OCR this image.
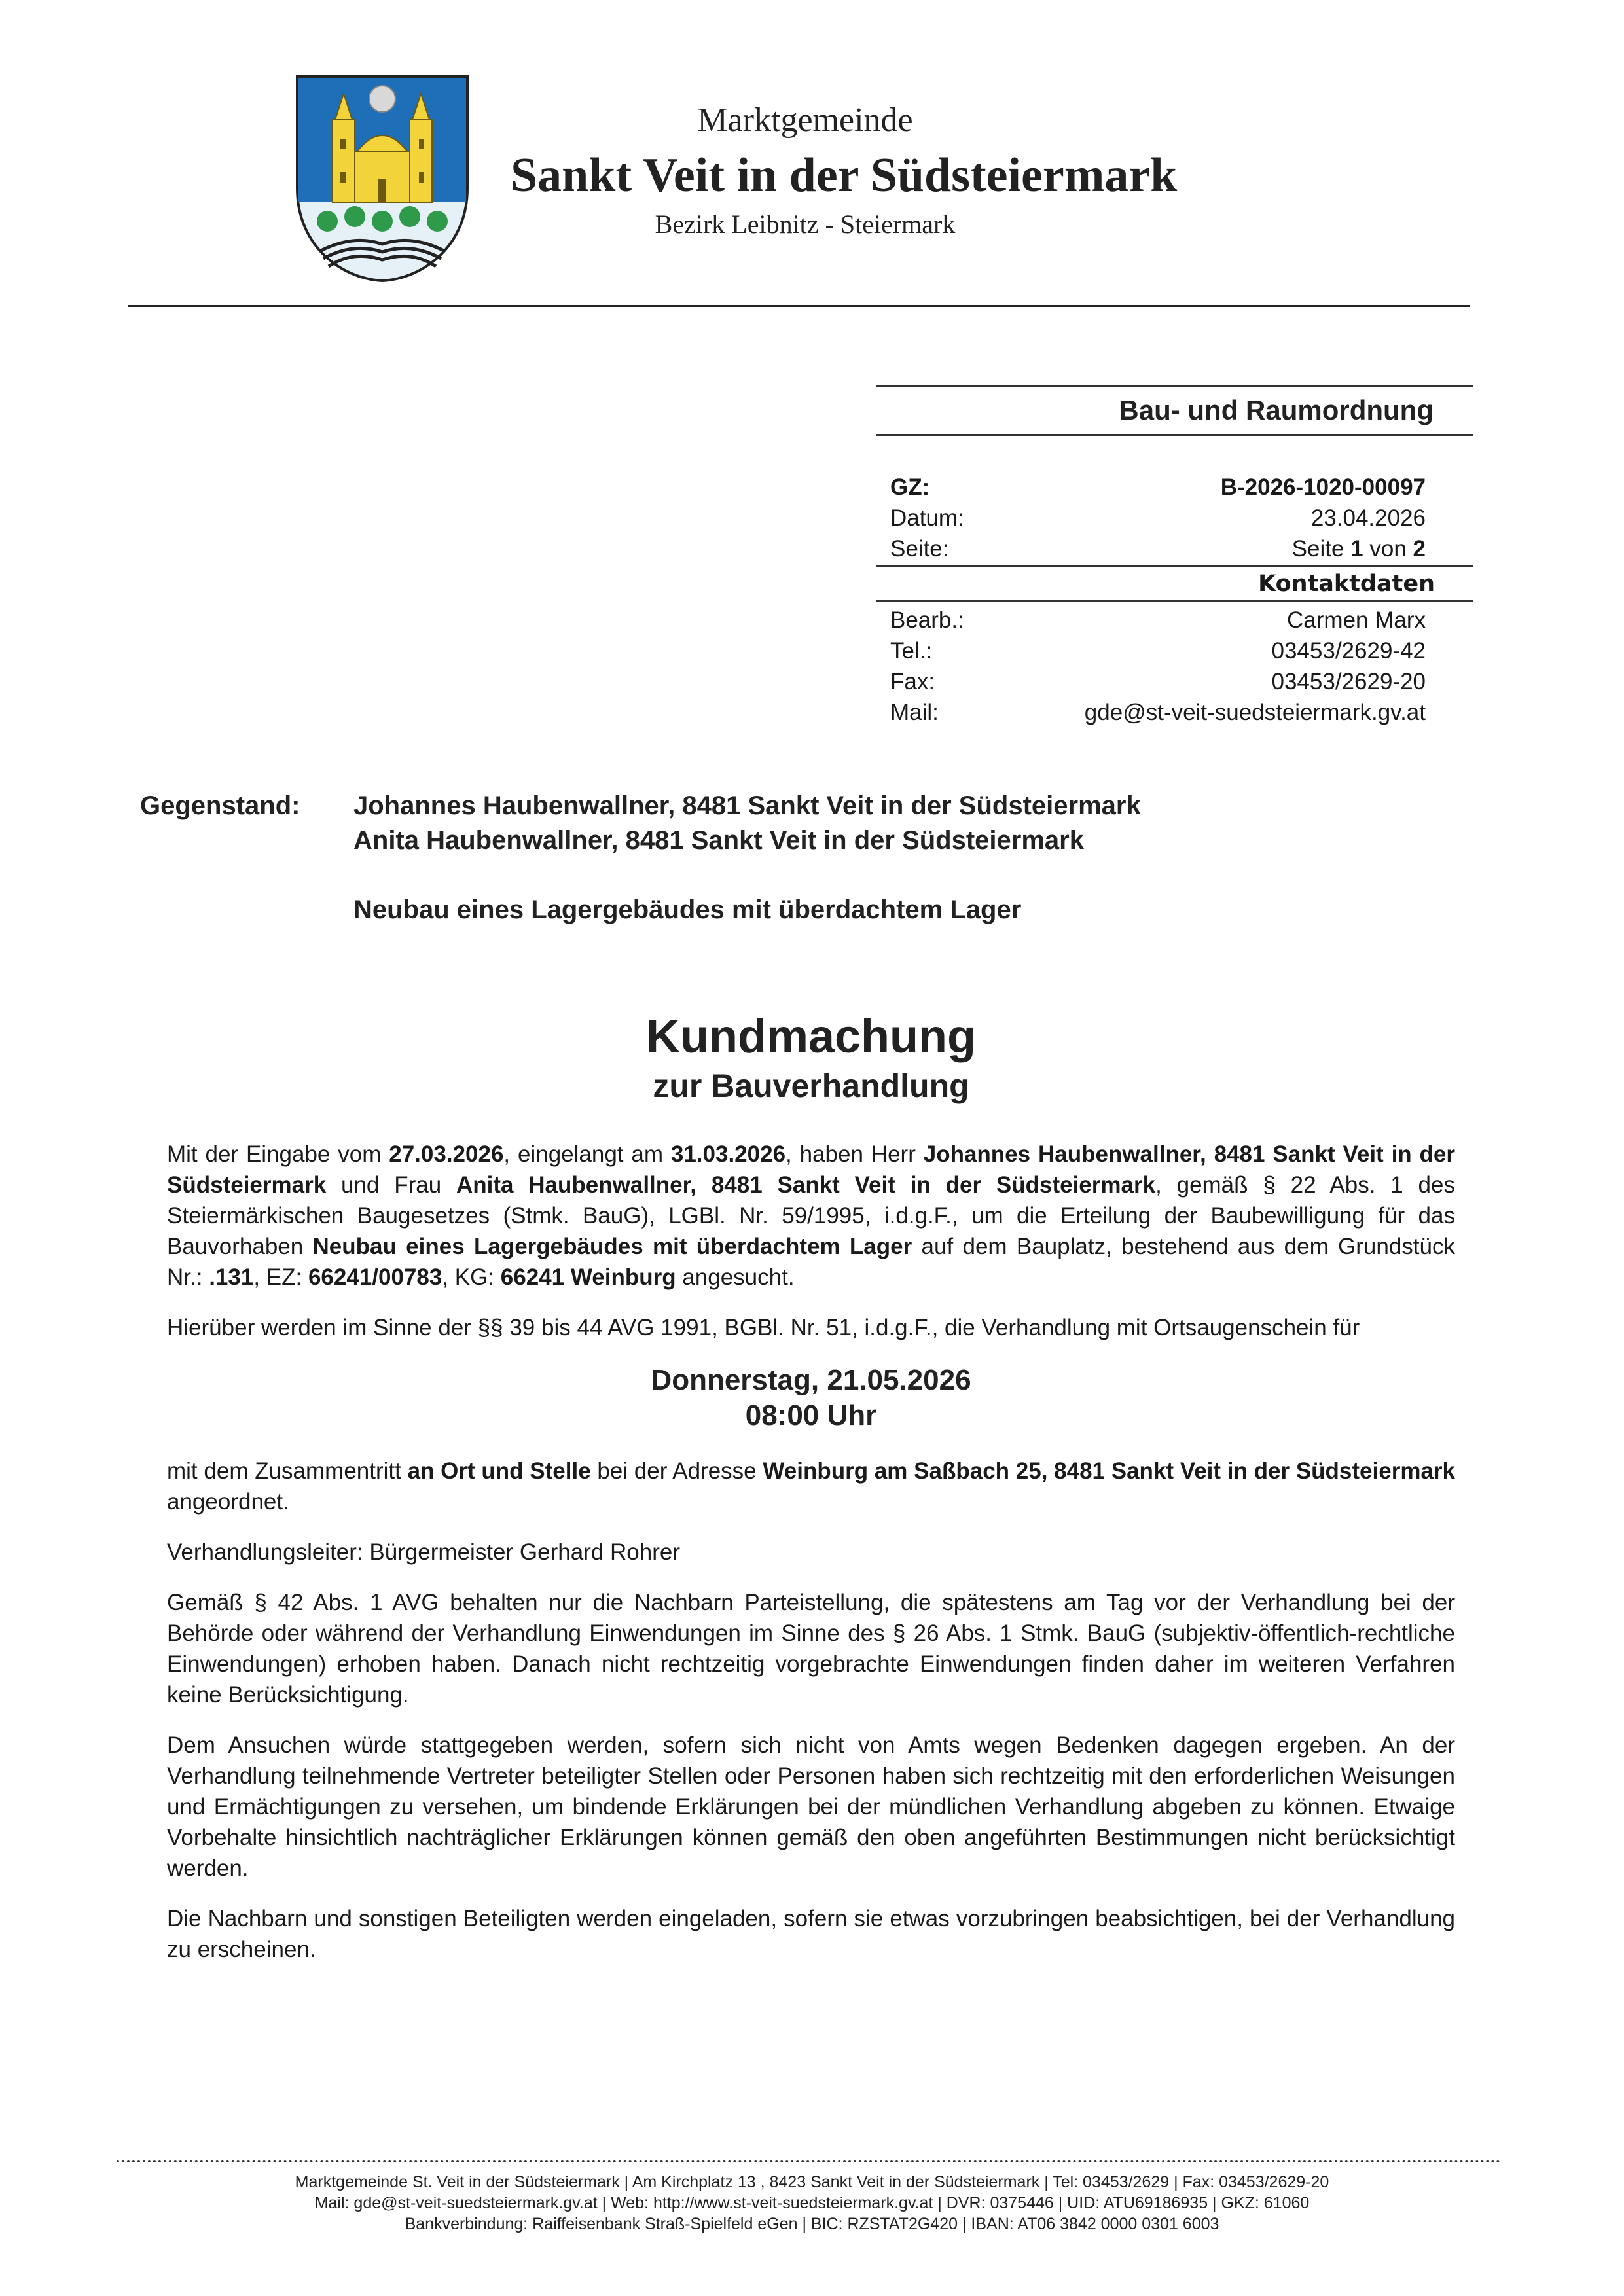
Marktgemeinde
Sankt Veit in der Südsteiermark
Bezirk Leibnitz - Steiermark
Bau- und Raumordnung
GZ:	B-2026-1020-00097
Datum:	23.04.2026
Seite:	Seite 1 von 2
Kontaktdaten
Bearb.:	Carmen Marx
Tel.:	03453/2629-42
Fax:	03453/2629-20
Mail:	gde@st-veit-suedsteiermark.gv.at
Gegenstand: Johannes Haubenwallner, 8481 Sankt Veit in der Südsteiermark
Anita Haubenwallner, 8481 Sankt Veit in der Südsteiermark
Neubau eines Lagergebäudes mit überdachtem Lager
Kundmachung
zur Bauverhandlung
Mit der Eingabe vom 27.03.2026, eingelangt am 31.03.2026, haben Herr Johannes Haubenwallner, 8481 Sankt Veit in der Südsteiermark und Frau Anita Haubenwallner, 8481 Sankt Veit in der Südsteiermark, gemäß § 22 Abs. 1 des Steiermärkischen Baugesetzes (Stmk. BauG), LGBl. Nr. 59/1995, i.d.g.F., um die Erteilung der Baubewilligung für das Bauvorhaben Neubau eines Lagergebäudes mit überdachtem Lager auf dem Bauplatz, bestehend aus dem Grundstück Nr.: .131, EZ: 66241/00783, KG: 66241 Weinburg angesucht.
Hierüber werden im Sinne der §§ 39 bis 44 AVG 1991, BGBl. Nr. 51, i.d.g.F., die Verhandlung mit Ortsaugenschein für
Donnerstag, 21.05.2026
08:00 Uhr
mit dem Zusammentritt an Ort und Stelle bei der Adresse Weinburg am Saßbach 25, 8481 Sankt Veit in der Südsteiermark angeordnet.
Verhandlungsleiter: Bürgermeister Gerhard Rohrer
Gemäß § 42 Abs. 1 AVG behalten nur die Nachbarn Parteistellung, die spätestens am Tag vor der Verhandlung bei der Behörde oder während der Verhandlung Einwendungen im Sinne des § 26 Abs. 1 Stmk. BauG (subjektiv-öffentlich-rechtliche Einwendungen) erhoben haben. Danach nicht rechtzeitig vorgebrachte Einwendungen finden daher im weiteren Verfahren keine Berücksichtigung.
Dem Ansuchen würde stattgegeben werden, sofern sich nicht von Amts wegen Bedenken dagegen ergeben. An der Verhandlung teilnehmende Vertreter beteiligter Stellen oder Personen haben sich rechtzeitig mit den erforderlichen Weisungen und Ermächtigungen zu versehen, um bindende Erklärungen bei der mündlichen Verhandlung abgeben zu können. Etwaige Vorbehalte hinsichtlich nachträglicher Erklärungen können gemäß den oben angeführten Bestimmungen nicht berücksichtigt werden.
Die Nachbarn und sonstigen Beteiligten werden eingeladen, sofern sie etwas vorzubringen beabsichtigen, bei der Verhandlung zu erscheinen.
Marktgemeinde St. Veit in der Südsteiermark | Am Kirchplatz 13 , 8423 Sankt Veit in der Südsteiermark | Tel: 03453/2629 | Fax: 03453/2629-20
Mail: gde@st-veit-suedsteiermark.gv.at | Web: http://www.st-veit-suedsteiermark.gv.at | DVR: 0375446 | UID: ATU69186935 | GKZ: 61060
Bankverbindung: Raiffeisenbank Straß-Spielfeld eGen | BIC: RZSTAT2G420 | IBAN: AT06 3842 0000 0301 6003
